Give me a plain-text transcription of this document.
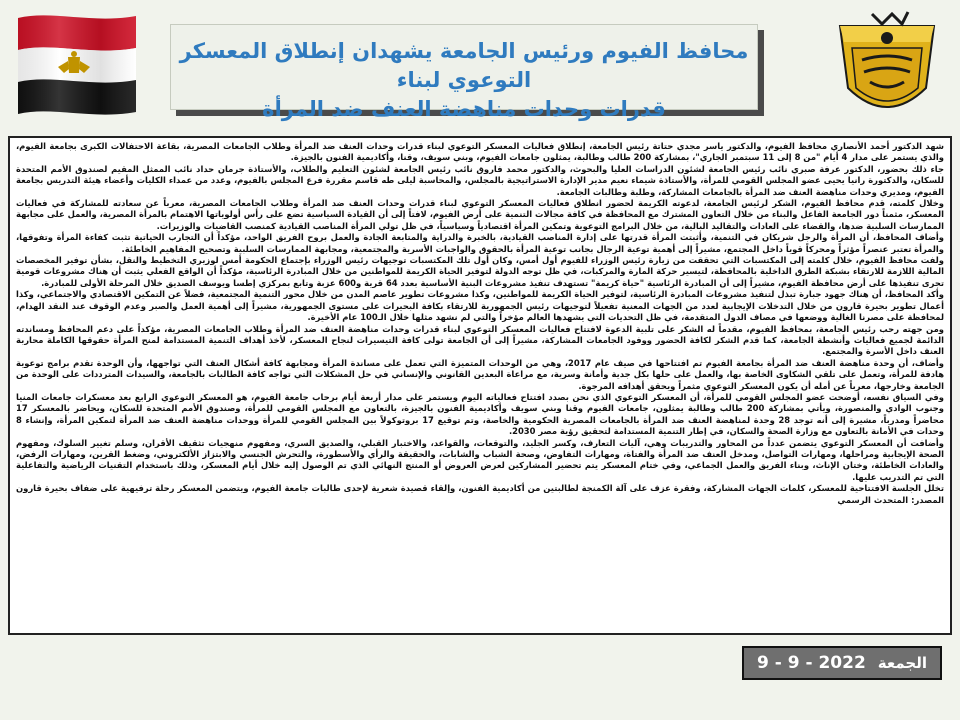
محافظ الفيوم ورئيس الجامعة يشهدان إنطلاق المعسكر التوعوي لبناء
قدرات وحدات مناهضة العنف ضد المرأة

شهد الدكتور أحمد الأنصاري محافظ الفيوم، والدكتور ياسر مجدي حتاتة رئيس الجامعة، إنطلاق فعاليات المعسكر التوعوي لبناء قدرات وحدات العنف ضد المرأة وطلاب الجامعات المصرية، بقاعة الاحتفالات الكبرى بجامعة الفيوم، والذي يستمر على مدار 4 أيام "من 8 إلى 11 سبتمبر الجاري"، بمشاركة 200 طالب وطالبة، يمثلون جامعات الفيوم، وبني سويف، وقنا، وأكاديمية الفنون بالجيزة.

جاء ذلك بحضور، الدكتور عرفة صبري نائب رئيس الجامعة لشئون الدراسات العليا والبحوث، والدكتور محمد فاروق نائب رئيس الجامعة لشئون التعليم والطلاب، والأستاذة جرمان حداد نائب الممثل المقيم لصندوق الأمم المتحدة للسكان، والدكتورة رانيا يحيى عضو المجلس القومي للمرأة، والأستاذة شيماء نعيم مدير الإدارة الاستراتيجية بالمجلس، والمحاسبة ليلى طه قاسم مقررة فرع المجلس بالفيوم، وعدد من عمداء الكليات وأعضاء هيئة التدريس بجامعة الفيوم، ومديري وحدات مناهضة العنف ضد المرأة بالجامعات المشاركة، وطلبة وطالبات الجامعة.

وخلال كلمته، قدم محافظ الفيوم، الشكر لرئيس الجامعة، لدعوته الكريمة لحضور انطلاق فعاليات المعسكر التوعوي لبناء قدرات وحدات العنف ضد المرأة وطلاب الجامعات المصرية، معرباً عن سعادته للمشاركة في فعاليات المعسكر، مثمناً دور الجامعة الفاعل والبناء من خلال التعاون المشترك مع المحافظة في كافة مجالات التنمية على أرض الفيوم، لافتاً إلى أن القيادة السياسية تضع على رأس أولوياتها الاهتمام بالمرأة المصرية، والعمل على مجابهة الممارسات السلبية ضدها، والقضاء على العادات والتقاليد البالية، من خلال البرامج التوعوية وتمكين المرأة اقتصادياً وسياسياً، في ظل تولي المرأة المناصب القيادية كمنصب القاضيات والوزيرات.

وأضاف المحافظ، أن المرأة والرجل شريكان في التنمية، وأثبتت المرأة قدرتها على إدارة المناصب القيادية، بالخبرة والدراية والمتابعة الجادة والعمل بروح الفريق الواحد، مؤكداً أن التجارب الحياتية تثبت كفاءة المرأة وتفوقها، والمرأة تعتبر عنصراً مؤثراً ومحركاً قوياً داخل المجتمع، مشيراً إلى أهمية توعية الرجال بجانب توعية المرأة بالحقوق والواجبات الأسرية والمجتمعية، ومجابهة الممارسات السلبية وتصحيح المفاهيم الخاطئة.

ولفت محافظ الفيوم، خلال كلمته إلى المكتسبات التي تحققت من زيارة رئيس الوزراء للفيوم أول أمس، وكان أول تلك المكتسبات توجيهات رئيس الوزراء بإجتماع الحكومة أمس لوزيري التخطيط والنقل، بشأن توفير المخصصات المالية اللازمة للارتقاء بشبكة الطرق الداخلية بالمحافظة، لتيسير حركة المارة والمركبات، في ظل توجه الدولة لتوفير الحياة الكريمة للمواطنين من خلال المبادرة الرئاسية، مؤكداً أن الواقع الفعلي يثبت أن هناك مشروعات قومية تجرى تنفيذها على أرض محافظة الفيوم، مشيراً إلى أن المبادرة الرئاسية "حياة كريمة" تستهدف تنفيذ مشروعات البنية الأساسية بعدد 64 قرية و600 عزبة وتابع بمركزي إطسا ويوسف الصديق خلال المرحلة الأولى للمبادرة.

وأكد المحافظ، أن هناك جهود جبارة تبذل لتنفيذ مشروعات المبادرة الرئاسية، لتوفير الحياة الكريمة للمواطنين، وكذا مشروعات تطوير عاصم المدن من خلال محور التنمية المجتمعية، فضلاً عن التمكين الاقتصادي والاجتماعي، وكذا أعمال تطوير بحيرة قارون من خلال التدخلات الإيجابية لعدد من الجهات المعنية تفعيلاً لتوجيهات رئيس الجمهورية للارتقاء بكافة البحيرات على مستوى الجمهورية، مشيراً إلى أهمية العمل والصبر وعدم الوقوف عند النقد الهدام، لمحافظة على مصرنا الغالية ووضعها في مصاف الدول المتقدمة، في ظل التحديات التي يشهدها العالم مؤخراً والتي لم نشهد مثلها خلال الـ100 عام الأخيرة.

ومن جهته رحب رئيس الجامعة، بمحافظ الفيوم، مقدماً له الشكر على تلبية الدعوة لافتتاح فعاليات المعسكر التوعوي لبناء قدرات وحدات مناهضة العنف ضد المرأة وطلاب الجامعات المصرية، مؤكداً على دعم المحافظ ومساندته الدائمة لجميع فعاليات وأنشطة الجامعة، كما قدم الشكر لكافة الحضور ووفود الجامعات المشاركة، مشيراً إلى أن الجامعة تولى كافة التيسيرات لنجاح المعسكر، لأخذ أهداف التنمية المستدامة لمنح المرأة حقوقها الكاملة محاربة العنف داخل الأسرة والمجتمع.

وأضاف، أن وحدة مناهضة العنف ضد المرأة بجامعة الفيوم تم افتتاحها في صيف عام 2017، وهي من الوحدات المتميزة التي تعمل على مساندة المرأة ومجابهة كافة أشكال العنف التي تواجهها، وأن الوحدة تقدم برامج توعوية هادفة للمرأة، وتعمل على تلقي الشكاوى الخاصة بها، والعمل على حلها بكل جدية وأمانة وسرية، مع مراعاة البعدين القانوني والإنساني في حل المشكلات التي تواجه كافة الطالبات بالجامعة، والسيدات المترددات على الوحدة من الجامعة وخارجها، معرباً عن أمله أن يكون المعسكر التوعوي مثمراً ويحقق أهدافه المرجوة.

وفي السياق نفسه، أوضحت عضو المجلس القومي للمرأة، أن المعسكر التوعوي الذي نحن بصدد افتتاح فعالياته اليوم ويستمر على مدار أربعة أيام برحاب جامعة الفيوم، هو المعسكر التوعوي الرابع بعد معسكرات جامعات المنيا وجنوب الوادي والمنصورة، ويأتي بمشاركة 200 طالب وطالبة يمثلون، جامعات الفيوم وقنا وبني سويف وأكاديمية الفنون بالجيزة، بالتعاون مع المجلس القومي للمرأة، وصندوق الأمم المتحدة للسكان، ويحاضر بالمعسكر 17 محاضراً ومدرباً، مشيرة إلى أنه توجد 28 وحدة لمناهضة العنف ضد المرأة بالجامعات المصرية الحكومية والخاصة، وتم توقيع 17 بروتوكولاً بين المجلس القومي للمرأة ووحدات مناهضة العنف ضد المرأة لتمكين المرأة، وإنشاء 8 وحدات في الأمانة بالتعاون مع وزارة الصحة والسكان، في إطار التنمية المستدامة لتحقيق رؤية مصر 2030.

وأضافت أن المعسكر التوعوي يتضمن عدداً من المحاور والتدريبات وهي، آليات التعارف، وكسر الجليد، والتوقعات، والقواعد، والاختبار القبلي، والصديق السري، ومفهوم منهجيات تثقيف الأقران، وسلم تغيير السلوك، ومفهوم الصحة الإيجابية ومراحلها، ومهارات التواصل، ومدخل العنف ضد المرأة والفتاة، ومهارات التفاوض، وصحة الشباب والشابات، والحقيقة والرأي والأسطورة، والتحرش الجنسي والابتزاز الألكتروني، وضغط القرين، ومهارات الرفض، والعادات الخاطئة، وختان الإناث، وبناء الفريق والعمل الجماعي، وفي ختام المعسكر يتم تحضير المشاركين لعرض العروض أو المنتج النهائي الذي تم الوصول إليه خلال أيام المعسكر، وذلك باستخدام التقنيات الرياضية والتفاعلية التي تم التدريب عليها.

تخلل الجلسة الافتتاحية للمعسكر، كلمات الجهات المشاركة، وفقرة عزف على آلة الكمنجة لطالبتين من أكاديمية الفنون، وإلقاء قصيدة شعرية لإحدى طالبات جامعة الفيوم، ويتضمن المعسكر رحلة ترفيهية على ضفاف بحيرة قارون المصدر: المتحدث الرسمي

الجمعة
9 - 9 - 2022
